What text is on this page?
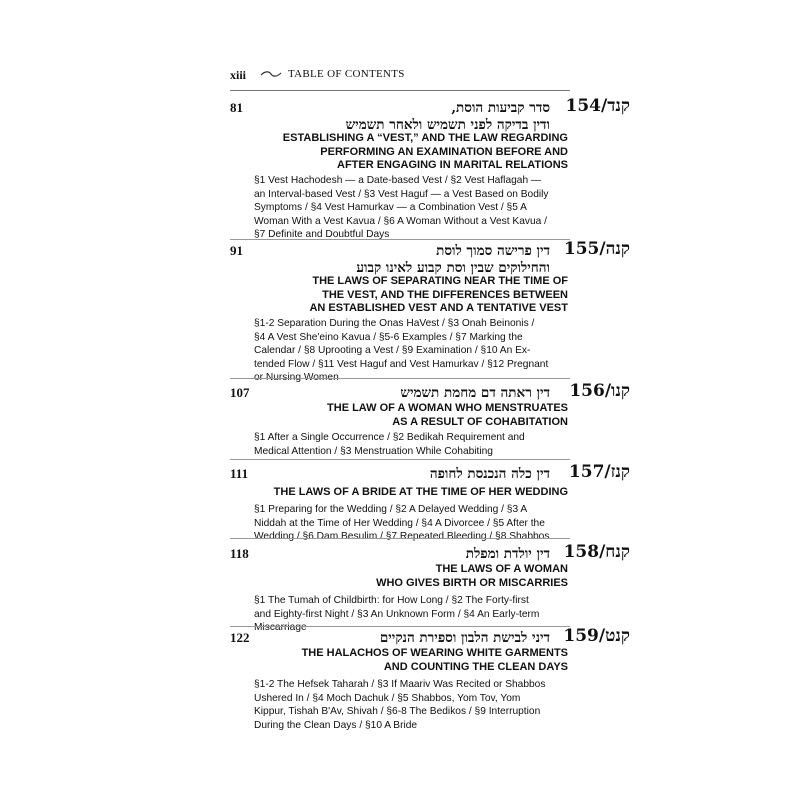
xiii	TABLE OF CONTENTS
81	קנד/154
סדר קביעות הוסת,
ודין בדיקה לפני תשמיש ולאחר תשמיש
ESTABLISHING A “VEST,” AND THE LAW REGARDING
PERFORMING AN EXAMINATION BEFORE AND
AFTER ENGAGING IN MARITAL RELATIONS
§1 Vest Hachodesh — a Date-based Vest / §2 Vest Haflagah —
an Interval-based Vest / §3 Vest Haguf — a Vest Based on Bodily
Symptoms / §4 Vest Hamurkav — a Combination Vest / §5 A
Woman With a Vest Kavua / §6 A Woman Without a Vest Kavua /
§7 Definite and Doubtful Days
91	קנה/155
דין פרישה סמוך לוסת
והחילוקים שבין וסת קבוע לאינו קבוע
THE LAWS OF SEPARATING NEAR THE TIME OF
THE VEST, AND THE DIFFERENCES BETWEEN
AN ESTABLISHED VEST AND A TENTATIVE VEST
§1-2 Separation During the Onas HaVest / §3 Onah Beinonis /
§4 A Vest She'eino Kavua / §5-6 Examples / §7 Marking the
Calendar / §8 Uprooting a Vest / §9 Examination / §10 An Ex-
tended Flow / §11 Vest Haguf and Vest Hamurkav / §12 Pregnant
or Nursing Women
107	קנו/156
דין ראתה דם מחמת תשמיש
THE LAW OF A WOMAN WHO MENSTRUATES
AS A RESULT OF COHABITATION
§1 After a Single Occurrence / §2 Bedikah Requirement and
Medical Attention / §3 Menstruation While Cohabiting
111	קנז/157
דין כלה הנכנסת לחופה
THE LAWS OF A BRIDE AT THE TIME OF HER WEDDING
§1 Preparing for the Wedding / §2 A Delayed Wedding / §3 A
Niddah at the Time of Her Wedding / §4 A Divorcee / §5 After the
Wedding / §6 Dam Besulim / §7 Repeated Bleeding / §8 Shabbos
118	קנח/158
דין יולדת ומפלת
THE LAWS OF A WOMAN
WHO GIVES BIRTH OR MISCARRIES
§1 The Tumah of Childbirth: for How Long / §2 The Forty-first
and Eighty-first Night / §3 An Unknown Form / §4 An Early-term
Miscarriage
122	קנט/159
דיני לבישת הלבון וספירת הנקיים
THE HALACHOS OF WEARING WHITE GARMENTS
AND COUNTING THE CLEAN DAYS
§1-2 The Hefsek Taharah / §3 If Maariv Was Recited or Shabbos
Ushered In / §4 Moch Dachuk / §5 Shabbos, Yom Tov, Yom
Kippur, Tishah B'Av, Shivah / §6-8 The Bedikos / §9 Interruption
During the Clean Days / §10 A Bride
